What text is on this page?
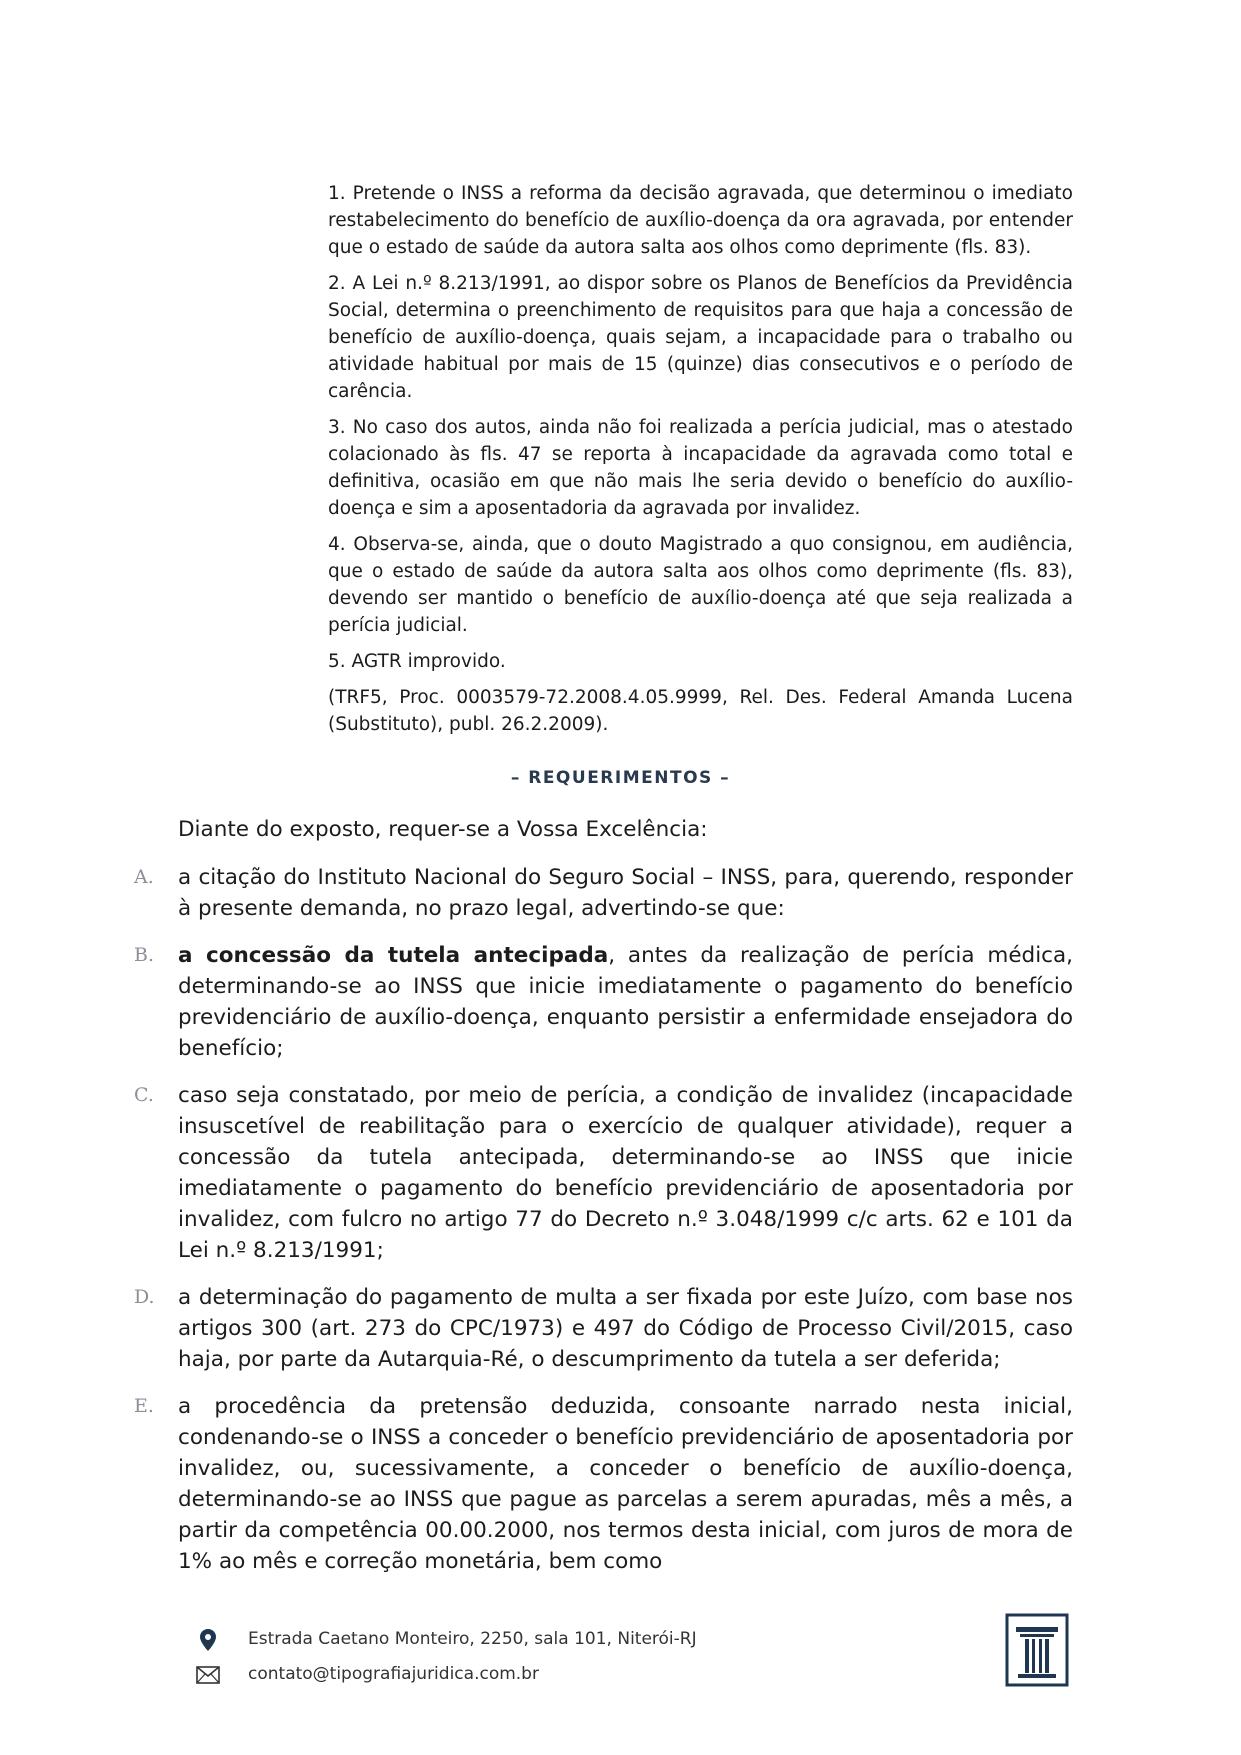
1. Pretende o INSS a reforma da decisão agravada, que determinou o imediato restabelecimento do benefício de auxílio-doença da ora agravada, por entender que o estado de saúde da autora salta aos olhos como deprimente (fls. 83).

2. A Lei n.º 8.213/1991, ao dispor sobre os Planos de Benefícios da Previdência Social, determina o preenchimento de requisitos para que haja a concessão de benefício de auxílio-doença, quais sejam, a incapacidade para o trabalho ou atividade habitual por mais de 15 (quinze) dias consecutivos e o período de carência.

3. No caso dos autos, ainda não foi realizada a perícia judicial, mas o atestado colacionado às fls. 47 se reporta à incapacidade da agravada como total e definitiva, ocasião em que não mais lhe seria devido o benefício do auxílio-doença e sim a aposentadoria da agravada por invalidez.

4. Observa-se, ainda, que o douto Magistrado a quo consignou, em audiência, que o estado de saúde da autora salta aos olhos como deprimente (fls. 83), devendo ser mantido o benefício de auxílio-doença até que seja realizada a perícia judicial.

5. AGTR improvido.

(TRF5, Proc. 0003579-72.2008.4.05.9999, Rel. Des. Federal Amanda Lucena (Substituto), publ. 26.2.2009).

– REQUERIMENTOS –
Diante do exposto, requer-se a Vossa Excelência:
A. a citação do Instituto Nacional do Seguro Social – INSS, para, querendo, responder à presente demanda, no prazo legal, advertindo-se que:
B. a concessão da tutela antecipada, antes da realização de perícia médica, determinando-se ao INSS que inicie imediatamente o pagamento do benefício previdenciário de auxílio-doença, enquanto persistir a enfermidade ensejadora do benefício;
C. caso seja constatado, por meio de perícia, a condição de invalidez (incapacidade insuscetível de reabilitação para o exercício de qualquer atividade), requer a concessão da tutela antecipada, determinando-se ao INSS que inicie imediatamente o pagamento do benefício previdenciário de aposentadoria por invalidez, com fulcro no artigo 77 do Decreto n.º 3.048/1999 c/c arts. 62 e 101 da Lei n.º 8.213/1991;
D. a determinação do pagamento de multa a ser fixada por este Juízo, com base nos artigos 300 (art. 273 do CPC/1973) e 497 do Código de Processo Civil/2015, caso haja, por parte da Autarquia-Ré, o descumprimento da tutela a ser deferida;
E. a procedência da pretensão deduzida, consoante narrado nesta inicial, condenando-se o INSS a conceder o benefício previdenciário de aposentadoria por invalidez, ou, sucessivamente, a conceder o benefício de auxílio-doença, determinando-se ao INSS que pague as parcelas a serem apuradas, mês a mês, a partir da competência 00.00.2000, nos termos desta inicial, com juros de mora de 1% ao mês e correção monetária, bem como
Estrada Caetano Monteiro, 2250, sala 101, Niterói-RJ
contato@tipografiajuridica.com.br
